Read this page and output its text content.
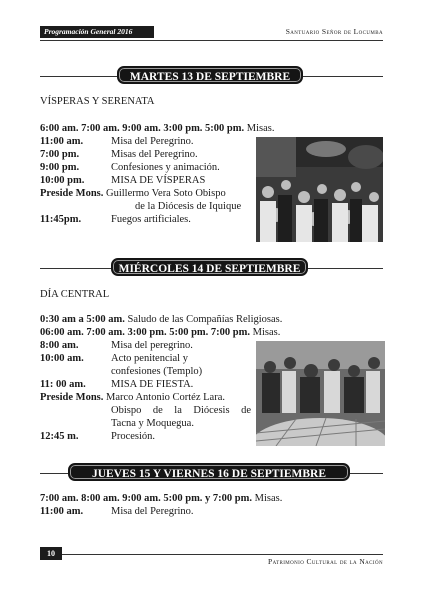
Programación General 2016	Santuario Señor de Locumba
MARTES 13 DE SEPTIEMBRE
VÍSPERAS Y SERENATA
6:00 am. 7:00 am. 9:00 am. 3:00 pm. 5:00 pm. Misas.
11:00 am.	Misa del Peregrino.
7:00 pm.	Misas del Peregrino.
9:00 pm.	Confesiones y animación.
10:00 pm.	MISA DE VÍSPERAS
Preside Mons. Guillermo Vera Soto Obispo
de la Diócesis de Iquique
11:45pm.	Fuegos artificiales.
MIÉRCOLES 14 DE SEPTIEMBRE
DÍA CENTRAL
0:30 am a 5:00 am. Saludo de las Compañías Religiosas.
06:00 am. 7:00 am. 3:00 pm. 5:00 pm. 7:00 pm. Misas.
8:00 am.	Misa del peregrino.
10:00 am.	Acto penitencial y
confesiones (Templo)
11: 00 am.	MISA DE FIESTA.
Preside Mons. Marco Antonio Cortéz Lara.
Obispo de la Diócesis de
Tacna y Moquegua.
12:45 m.	Procesión.
JUEVES 15 Y VIERNES 16 DE SEPTIEMBRE
7:00 am. 8:00 am. 9:00 am. 5:00 pm. y 7:00 pm. Misas.
11:00 am.	Misa del Peregrino.
10
Patrimonio Cultural de la Nación
